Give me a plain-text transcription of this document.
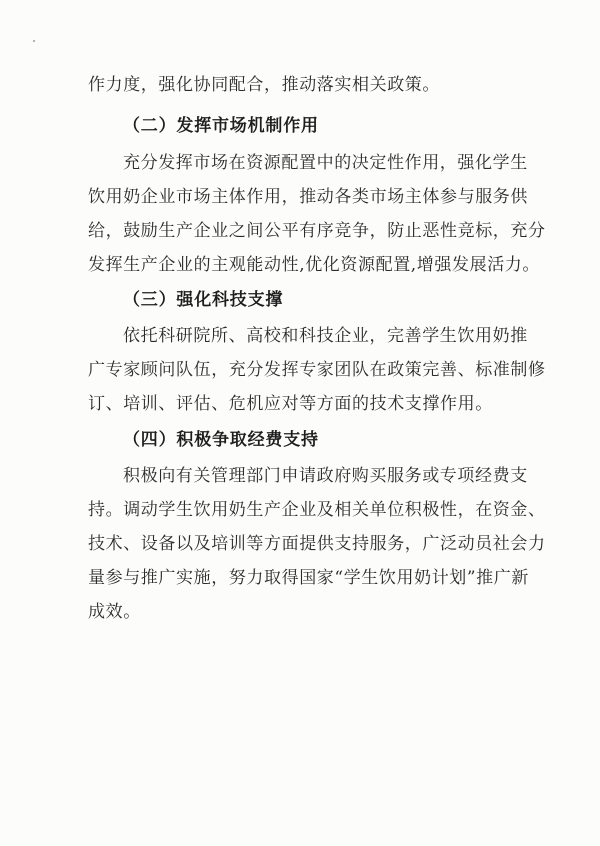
作力度，强化协同配合，推动落实相关政策。
（二）发挥市场机制作用
充分发挥市场在资源配置中的决定性作用，强化学生
饮用奶企业市场主体作用，推动各类市场主体参与服务供
给，鼓励生产企业之间公平有序竞争，防止恶性竞标，充分
发挥生产企业的主观能动性,优化资源配置,增强发展活力。
（三）强化科技支撑
依托科研院所、高校和科技企业，完善学生饮用奶推
广专家顾问队伍，充分发挥专家团队在政策完善、标准制修
订、培训、评估、危机应对等方面的技术支撑作用。
（四）积极争取经费支持
积极向有关管理部门申请政府购买服务或专项经费支
持。调动学生饮用奶生产企业及相关单位积极性，在资金、
技术、设备以及培训等方面提供支持服务，广泛动员社会力
量参与推广实施，努力取得国家“学生饮用奶计划”推广新
成效。
